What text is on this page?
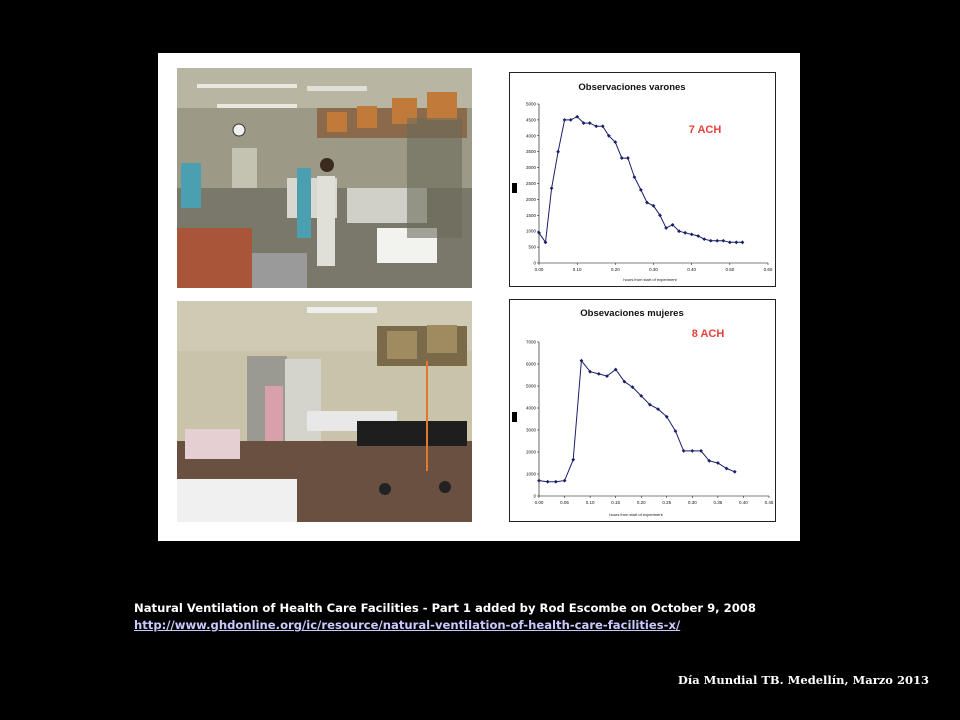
Observaciones varones
7 ACH
hours from start of experiment
0
500
1000
1500
2000
2500
3000
3500
4000
4500
5000
0.00	0.10	0.20	0.30	0.40	0.50	0.60
Obsevaciones mujeres
8 ACH
hours from start of experiment
0
1000
2000
3000
4000
5000
6000
7000
0.00	0.05	0.10	0.15	0.20	0.25	0.30	0.35	0.40	0.45
Natural Ventilation of Health Care Facilities - Part 1 added by Rod Escombe on October 9, 2008
http://www.ghdonline.org/ic/resource/natural-ventilation-of-health-care-facilities-x/
Día Mundial TB. Medellín, Marzo 2013
